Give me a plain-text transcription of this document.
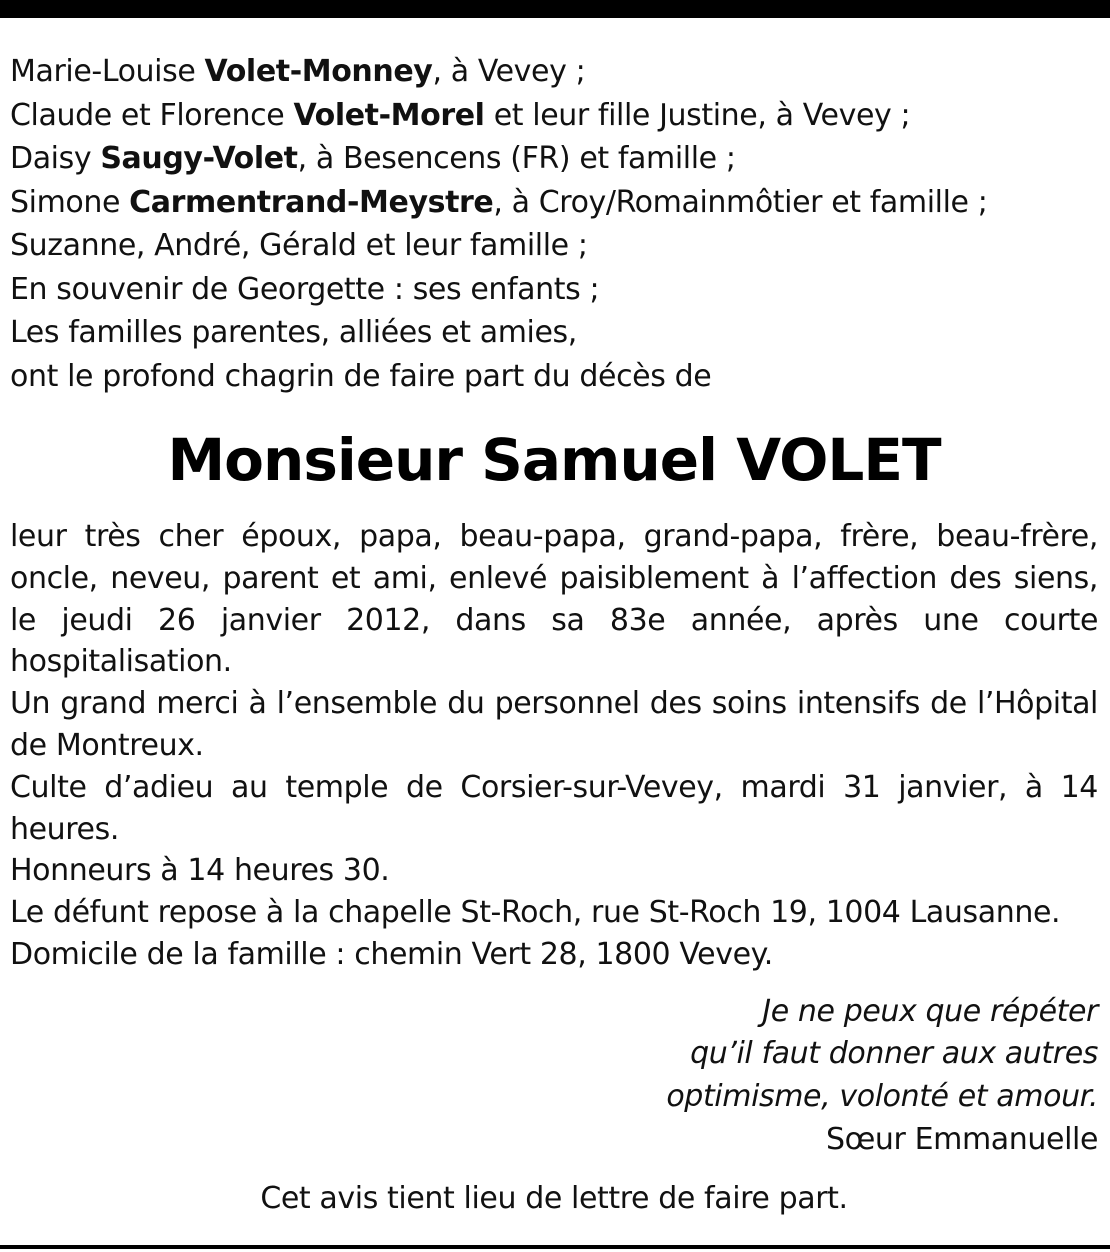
Marie-Louise Volet-Monney, à Vevey ;
Claude et Florence Volet-Morel et leur fille Justine, à Vevey ;
Daisy Saugy-Volet, à Besencens (FR) et famille ;
Simone Carmentrand-Meystre, à Croy/Romainmôtier et famille ;
Suzanne, André, Gérald et leur famille ;
En souvenir de Georgette : ses enfants ;
Les familles parentes, alliées et amies,
ont le profond chagrin de faire part du décès de
Monsieur Samuel VOLET
leur très cher époux, papa, beau-papa, grand-papa, frère, beau-frère, oncle, neveu, parent et ami, enlevé paisiblement à l’affection des siens, le jeudi 26 janvier 2012, dans sa 83e année, après une courte hospitalisation.
Un grand merci à l’ensemble du personnel des soins intensifs de l’Hôpital de Montreux.
Culte d’adieu au temple de Corsier-sur-Vevey, mardi 31 janvier, à 14 heures.
Honneurs à 14 heures 30.
Le défunt repose à la chapelle St-Roch, rue St-Roch 19, 1004 Lausanne.
Domicile de la famille : chemin Vert 28, 1800 Vevey.
Je ne peux que répéter
qu’il faut donner aux autres
optimisme, volonté et amour.
Sœur Emmanuelle
Cet avis tient lieu de lettre de faire part.
